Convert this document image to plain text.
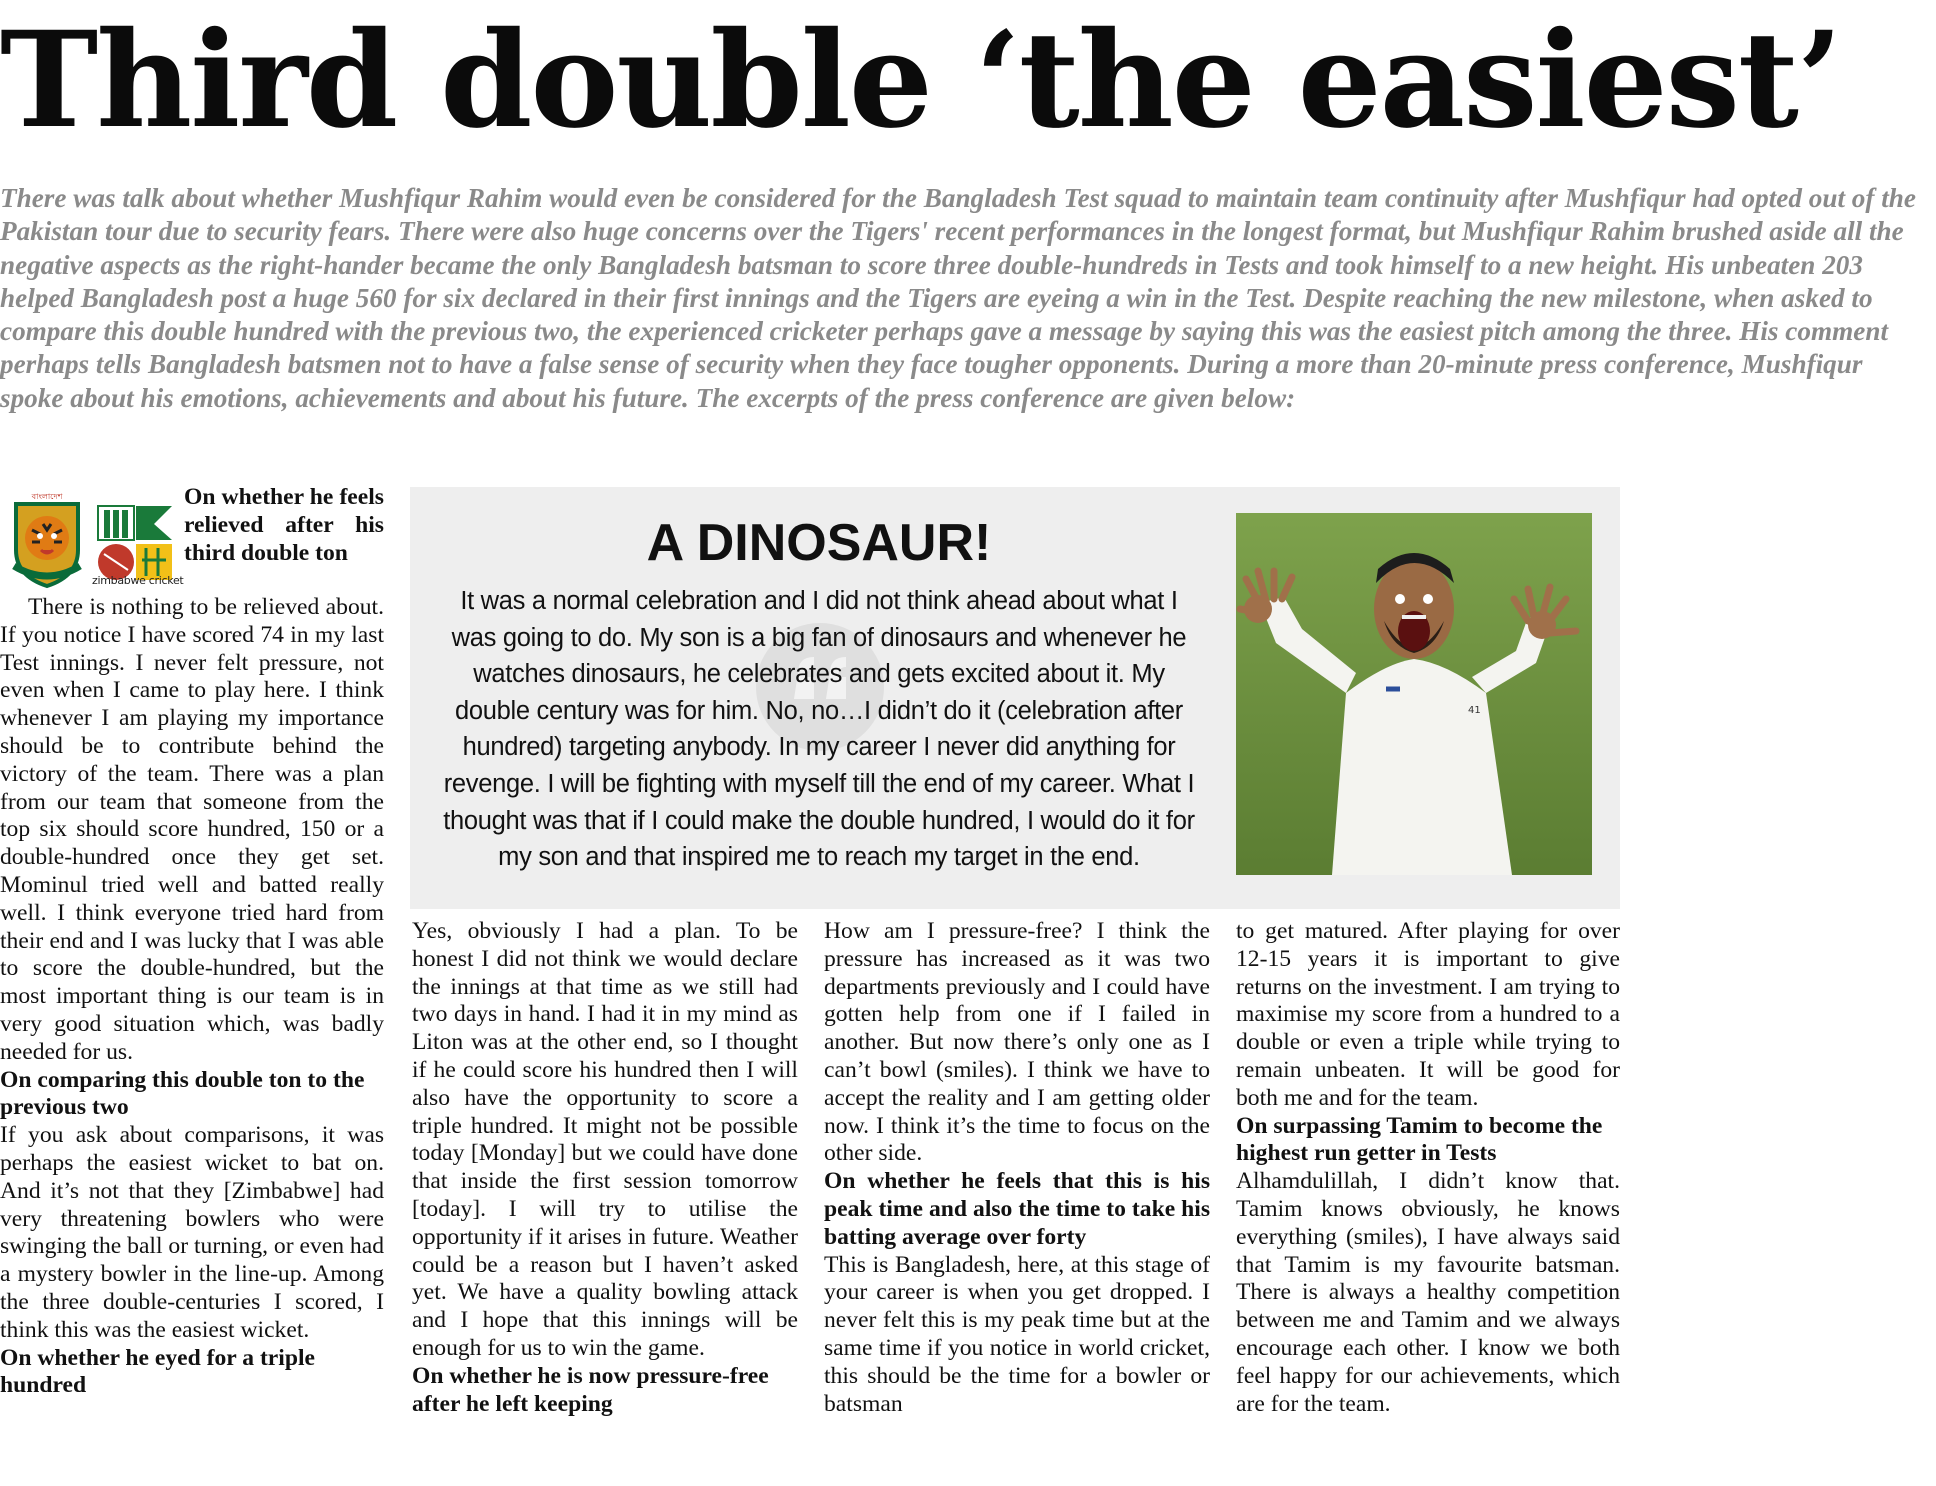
Third double ‘the easiest’

There was talk about whether Mushfiqur Rahim would even be considered for the Bangladesh Test squad to maintain team continuity after Mushfiqur had opted out of the Pakistan tour due to security fears. There were also huge concerns over the Tigers' recent performances in the longest format, but Mushfiqur Rahim brushed aside all the negative aspects as the right-hander became the only Bangladesh batsman to score three double-hundreds in Tests and took himself to a new height. His unbeaten 203 helped Bangladesh post a huge 560 for six declared in their first innings and the Tigers are eyeing a win in the Test. Despite reaching the new milestone, when asked to compare this double hundred with the previous two, the experienced cricketer perhaps gave a message by saying this was the easiest pitch among the three. His comment perhaps tells Bangladesh batsmen not to have a false sense of security when they face tougher opponents. During a more than 20-minute press conference, Mushfiqur spoke about his emotions, achievements and about his future. The excerpts of the press conference are given below:

বাংলাদেশ
zimbabwe cricket

On whether he feels relieved after his third double ton

There is nothing to be relieved about. If you notice I have scored 74 in my last Test innings. I never felt pressure, not even when I came to play here. I think whenever I am playing my importance should be to contribute behind the victory of the team. There was a plan from our team that someone from the top six should score hundred, 150 or a double-hundred once they get set. Mominul tried well and batted really well. I think everyone tried hard from their end and I was lucky that I was able to score the double-hundred, but the most important thing is our team is in very good situation which, was badly needed for us.

On comparing this double ton to the previous two

If you ask about comparisons, it was perhaps the easiest wicket to bat on. And it’s not that they [Zimbabwe] had very threatening bowlers who were swinging the ball or turning, or even had a mystery bowler in the line-up. Among the three double-centuries I scored, I think this was the easiest wicket.

On whether he eyed for a triple hundred

A DINOSAUR!
It was a normal celebration and I did not think ahead about what I was going to do. My son is a big fan of dinosaurs and whenever he watches dinosaurs, he celebrates and gets excited about it. My double century was for him. No, no…I didn’t do it (celebration after hundred) targeting anybody. In my career I never did anything for revenge. I will be fighting with myself till the end of my career. What I thought was that if I could make the double hundred, I would do it for my son and that inspired me to reach my target in the end.
41

Yes, obviously I had a plan. To be honest I did not think we would declare the innings at that time as we still had two days in hand. I had it in my mind as Liton was at the other end, so I thought if he could score his hundred then I will also have the opportunity to score a triple hundred. It might not be possible today [Monday] but we could have done that inside the first session tomorrow [today]. I will try to utilise the opportunity if it arises in future. Weather could be a reason but I haven’t asked yet. We have a quality bowling attack and I hope that this innings will be enough for us to win the game.

On whether he is now pressure-free after he left keeping

How am I pressure-free? I think the pressure has increased as it was two departments previously and I could have gotten help from one if I failed in another. But now there’s only one as I can’t bowl (smiles). I think we have to accept the reality and I am getting older now. I think it’s the time to focus on the other side.

On whether he feels that this is his peak time and also the time to take his batting average over forty

This is Bangladesh, here, at this stage of your career is when you get dropped. I never felt this is my peak time but at the same time if you notice in world cricket, this should be the time for a bowler or batsman

to get matured. After playing for over 12-15 years it is important to give returns on the investment. I am trying to maximise my score from a hundred to a double or even a triple while trying to remain unbeaten. It will be good for both me and for the team.

On surpassing Tamim to become the highest run getter in Tests

Alhamdulillah, I didn’t know that. Tamim knows obviously, he knows everything (smiles), I have always said that Tamim is my favourite batsman. There is always a healthy competition between me and Tamim and we always encourage each other. I know we both feel happy for our achievements, which are for the team.
